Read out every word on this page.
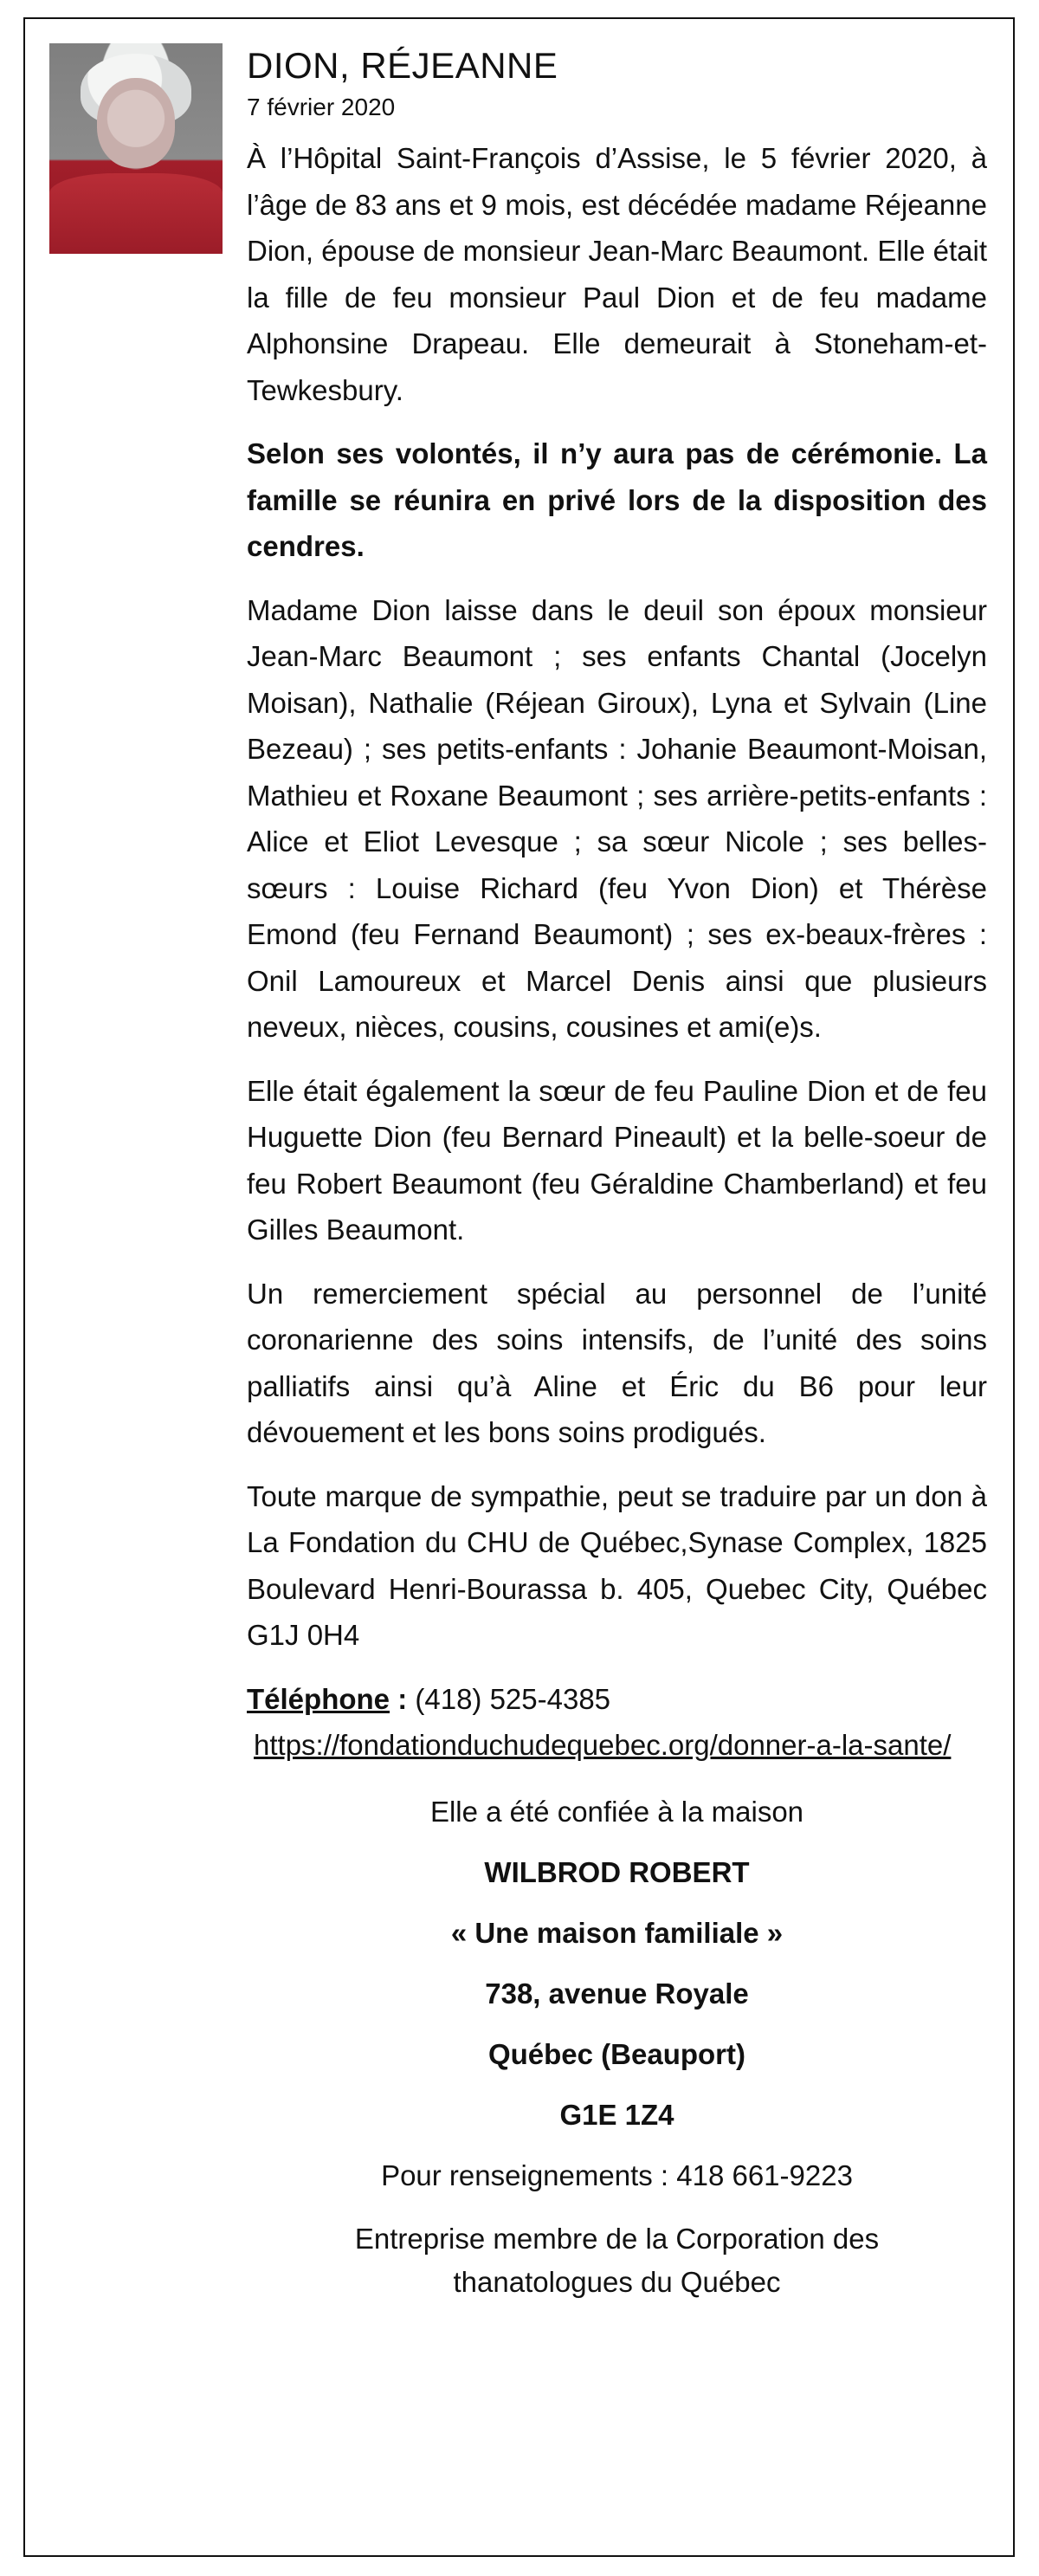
DION, RÉJEANNE

7 février 2020

À l’Hôpital Saint-François d’Assise, le 5 février 2020, à l’âge de 83 ans et 9 mois, est décédée madame Réjeanne Dion, épouse de monsieur Jean-Marc Beaumont. Elle était la fille de feu monsieur Paul Dion et de feu madame Alphonsine Drapeau. Elle demeurait à Stoneham-et-Tewkesbury.

Selon ses volontés, il n’y aura pas de cérémonie. La famille se réunira en privé lors de la disposition des cendres.

Madame Dion laisse dans le deuil son époux monsieur Jean-Marc Beaumont ; ses enfants Chantal (Jocelyn Moisan), Nathalie (Réjean Giroux), Lyna et Sylvain (Line Bezeau) ; ses petits-enfants : Johanie Beaumont-Moisan, Mathieu et Roxane Beaumont ; ses arrière-petits-enfants : Alice et Eliot Levesque ; sa sœur Nicole ; ses belles-sœurs : Louise Richard (feu Yvon Dion) et Thérèse Emond (feu Fernand Beaumont) ; ses ex-beaux-frères : Onil Lamoureux et Marcel Denis ainsi que plusieurs neveux, nièces, cousins, cousines et ami(e)s.

Elle était également la sœur de feu Pauline Dion et de feu Huguette Dion (feu Bernard Pineault) et la belle-soeur de feu Robert Beaumont (feu Géraldine Chamberland) et feu Gilles Beaumont.

Un remerciement spécial au personnel de l’unité coronarienne des soins intensifs, de l’unité des soins palliatifs ainsi qu’à Aline et Éric du B6 pour leur dévouement et les bons soins prodigués.

Toute marque de sympathie, peut se traduire par un don à La Fondation du CHU de Québec,Synase Complex, 1825 Boulevard Henri-Bourassa b. 405, Quebec City, Québec G1J 0H4

Téléphone : (418) 525-4385
https://fondationduchudequebec.org/donner-a-la-sante/

Elle a été confiée à la maison

WILBROD ROBERT

« Une maison familiale »

738, avenue Royale

Québec (Beauport)

G1E 1Z4

Pour renseignements : 418 661-9223

Entreprise membre de la Corporation des thanatologues du Québec
